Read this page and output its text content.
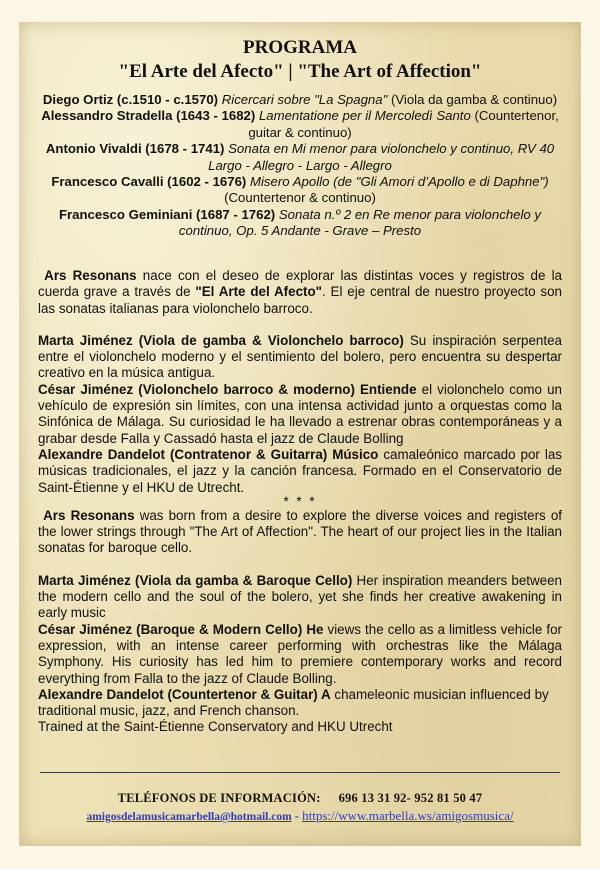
PROGRAMA
"El Arte del Afecto" | "The Art of Affection"

Diego Ortiz (c.1510 - c.1570) Ricercari sobre "La Spagna" (Viola da gamba & continuo)

Alessandro Stradella (1643 - 1682) Lamentatione per il Mercoledì Santo (Countertenor, guitar & continuo)

Antonio Vivaldi (1678 - 1741) Sonata en Mi menor para violonchelo y continuo, RV 40 Largo - Allegro - Largo - Allegro

Francesco Cavalli (1602 - 1676) Misero Apollo (de "Gli Amori d’Apollo e di Daphne") (Countertenor & continuo)

Francesco Geminiani (1687 - 1762) Sonata n.º 2 en Re menor para violonchelo y continuo, Op. 5 Andante - Grave – Presto

Ars Resonans nace con el deseo de explorar las distintas voces y registros de la cuerda grave a través de "El Arte del Afecto". El eje central de nuestro proyecto son las sonatas italianas para violonchelo barroco.

Marta Jiménez (Viola de gamba & Violonchelo barroco) Su inspiración serpentea entre el violonchelo moderno y el sentimiento del bolero, pero encuentra su despertar creativo en la música antigua.

César Jiménez (Violonchelo barroco & moderno) Entiende el violonchelo como un vehículo de expresión sin límites, con una intensa actividad junto a orquestas como la Sinfónica de Málaga. Su curiosidad le ha llevado a estrenar obras contemporáneas y a grabar desde Falla y Cassadó hasta el jazz de Claude Bolling

Alexandre Dandelot (Contratenor & Guitarra) Músico camaleónico marcado por las músicas tradicionales, el jazz y la canción francesa. Formado en el Conservatorio de Saint-Étienne y el HKU de Utrecht.

* * *

Ars Resonans was born from a desire to explore the diverse voices and registers of the lower strings through "The Art of Affection". The heart of our project lies in the Italian sonatas for baroque cello.

Marta Jiménez (Viola da gamba & Baroque Cello) Her inspiration meanders between the modern cello and the soul of the bolero, yet she finds her creative awakening in early music

César Jiménez (Baroque & Modern Cello) He views the cello as a limitless vehicle for expression, with an intense career performing with orchestras like the Málaga Symphony. His curiosity has led him to premiere contemporary works and record everything from Falla to the jazz of Claude Bolling.

Alexandre Dandelot (Countertenor & Guitar) A chameleonic musician influenced by traditional music, jazz, and French chanson.
Trained at the Saint-Étienne Conservatory and HKU Utrecht

TELÉFONOS DE INFORMACIÓN: 696 13 31 92- 952 81 50 47
amigosdelamusicamarbella@hotmail.com - https://www.marbella.ws/amigosmusica/
